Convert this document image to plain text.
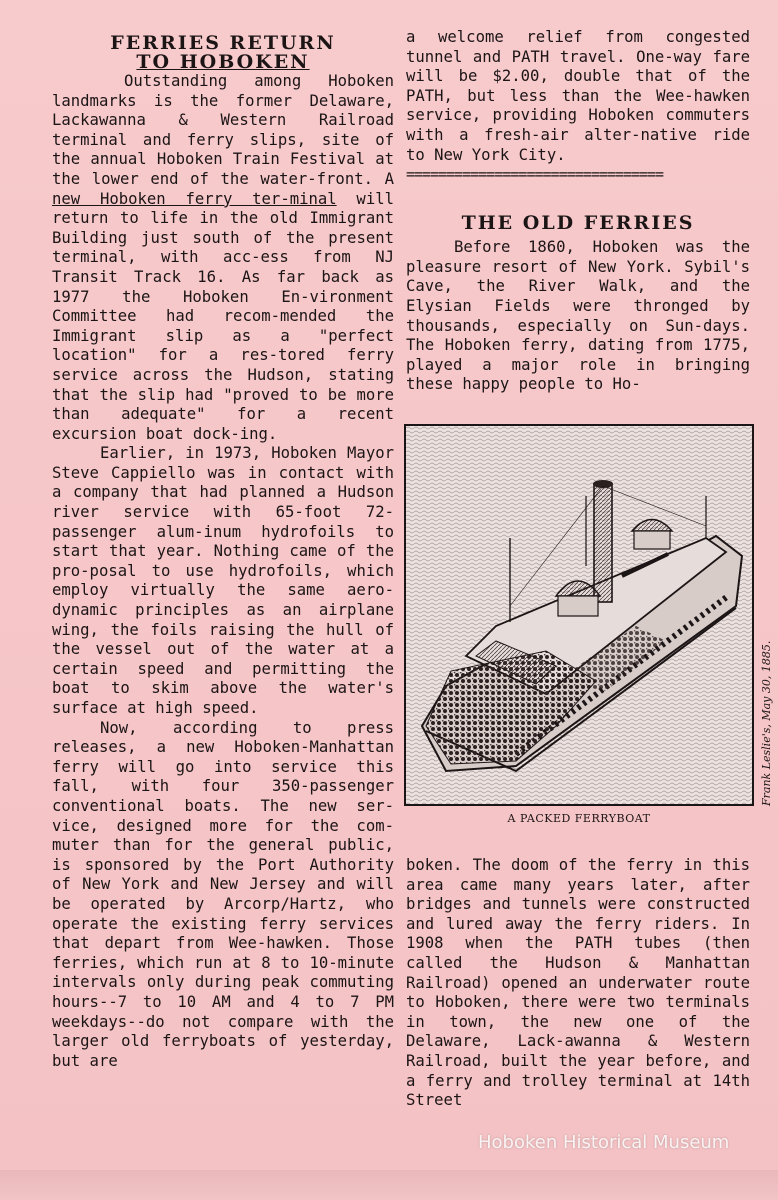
FERRIES RETURN
TO HOBOKEN

Outstanding among Hoboken landmarks is the former Delaware, Lackawanna & Western Railroad terminal and ferry slips, site of the annual Hoboken Train Festival at the lower end of the water-front. A new Hoboken ferry ter-minal will return to life in the old Immigrant Building just south of the present terminal, with acc-ess from NJ Transit Track 16. As far back as 1977 the Hoboken En-vironment Committee had recom-mended the Immigrant slip as a "perfect location" for a res-tored ferry service across the Hudson, stating that the slip had "proved to be more than adequate" for a recent excursion boat dock-ing.

Earlier, in 1973, Hoboken Mayor Steve Cappiello was in contact with a company that had planned a Hudson river service with 65-foot 72-passenger alum-inum hydrofoils to start that year. Nothing came of the pro-posal to use hydrofoils, which employ virtually the same aero-dynamic principles as an airplane wing, the foils raising the hull of the vessel out of the water at a certain speed and permitting the boat to skim above the water's surface at high speed.

Now, according to press releases, a new Hoboken-Manhattan ferry will go into service this fall, with four 350-passenger conventional boats. The new ser-vice, designed more for the com-muter than for the general public, is sponsored by the Port Authority of New York and New Jersey and will be operated by Arcorp/Hartz, who operate the existing ferry services that depart from Wee-hawken. Those ferries, which run at 8 to 10-minute intervals only during peak commuting hours--7 to 10 AM and 4 to 7 PM weekdays--do not compare with the larger old ferryboats of yesterday, but are

a welcome relief from congested tunnel and PATH travel. One-way fare will be $2.00, double that of the PATH, but less than the Wee-hawken service, providing Hoboken commuters with a fresh-air alter-native ride to New York City.

================================
THE OLD FERRIES

Before 1860, Hoboken was the pleasure resort of New York. Sybil's Cave, the River Walk, and the Elysian Fields were thronged by thousands, especially on Sun-days. The Hoboken ferry, dating from 1775, played a major role in bringing these happy people to Ho-

A PACKED FERRYBOAT
Frank Leslie's, May 30, 1885.

boken. The doom of the ferry in this area came many years later, after bridges and tunnels were constructed and lured away the ferry riders. In 1908 when the PATH tubes (then called the Hudson & Manhattan Railroad) opened an underwater route to Hoboken, there were two terminals in town, the new one of the Delaware, Lack-awanna & Western Railroad, built the year before, and a ferry and trolley terminal at 14th Street

Hoboken Historical Museum
